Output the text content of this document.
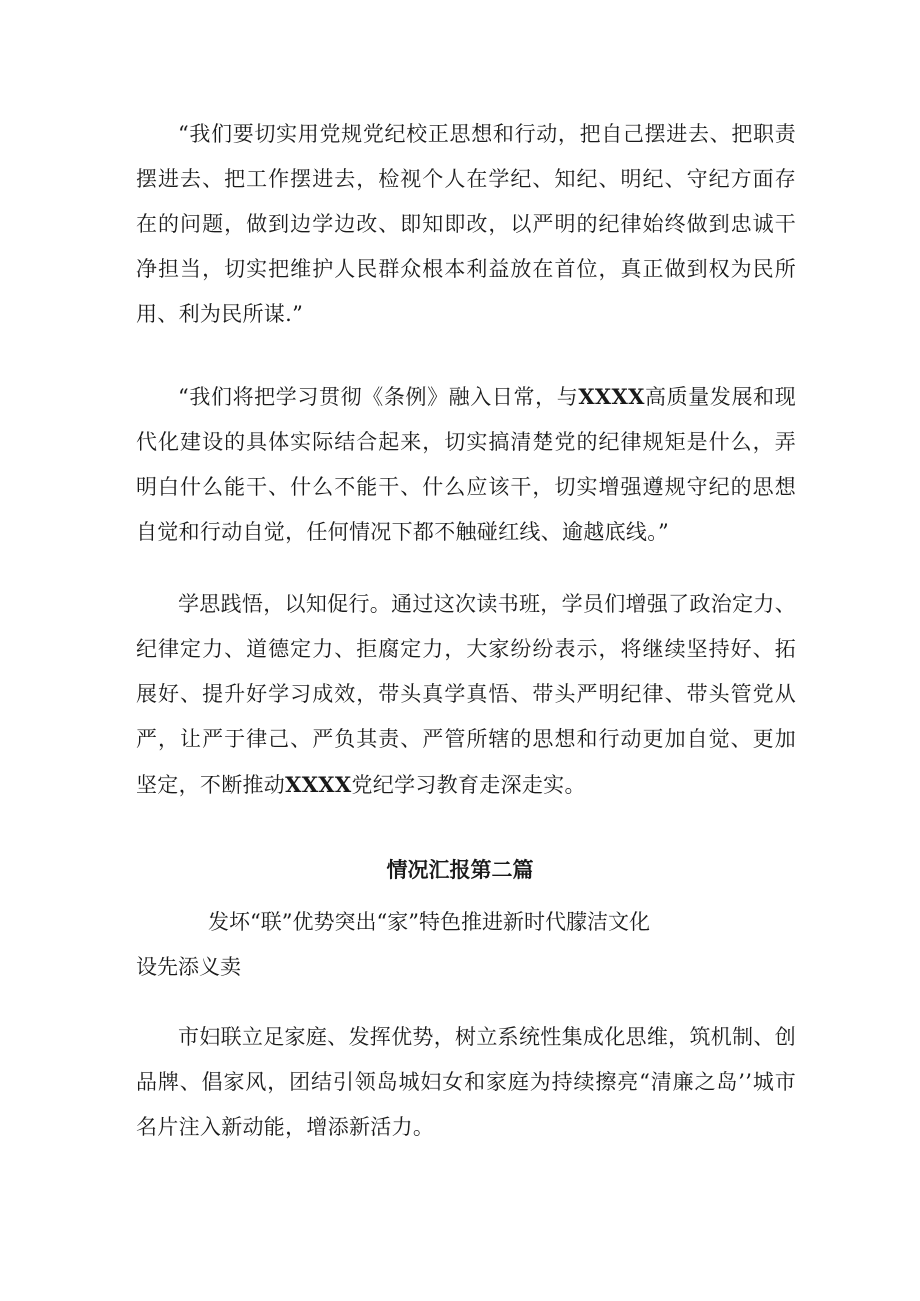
“我们要切实用党规党纪校正思想和行动，把自己摆进去、把职责摆进去、把工作摆进去，检视个人在学纪、知纪、明纪、守纪方面存在的问题，做到边学边改、即知即改，以严明的纪律始终做到忠诚干净担当，切实把维护人民群众根本利益放在首位，真正做到权为民所用、利为民所谋.”

“我们将把学习贯彻《条例》融入日常，与XXXX高质量发展和现代化建设的具体实际结合起来，切实搞清楚党的纪律规矩是什么，弄明白什么能干、什么不能干、什么应该干，切实增强遵规守纪的思想自觉和行动自觉，任何情况下都不触碰红线、逾越底线。”

学思践悟，以知促行。通过这次读书班，学员们增强了政治定力、纪律定力、道德定力、拒腐定力，大家纷纷表示，将继续坚持好、拓展好、提升好学习成效，带头真学真悟、带头严明纪律、带头管党从严，让严于律己、严负其责、严管所辖的思想和行动更加自觉、更加坚定，不断推动XXXX党纪学习教育走深走实。

情况汇报第二篇

发坏“联”优势突出“家”特色推进新时代朦洁文化
设先添义卖

市妇联立足家庭、发挥优势，树立系统性集成化思维，筑机制、创品牌、倡家风，团结引领岛城妇女和家庭为持续擦亮“清廉之岛’’城市名片注入新动能，增添新活力。
